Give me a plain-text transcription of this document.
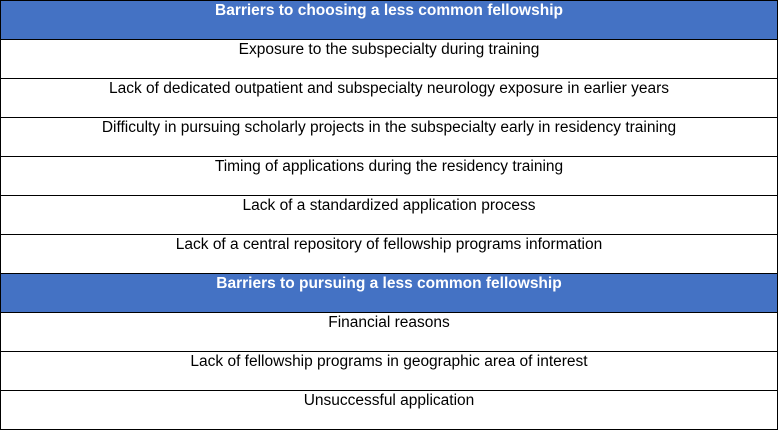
Barriers to choosing a less common fellowship

Exposure to the subspecialty during training

Lack of dedicated outpatient and subspecialty neurology exposure in earlier years

Difficulty in pursuing scholarly projects in the subspecialty early in residency training

Timing of applications during the residency training

Lack of a standardized application process

Lack of a central repository of fellowship programs information

Barriers to pursuing a less common fellowship

Financial reasons

Lack of fellowship programs in geographic area of interest

Unsuccessful application
